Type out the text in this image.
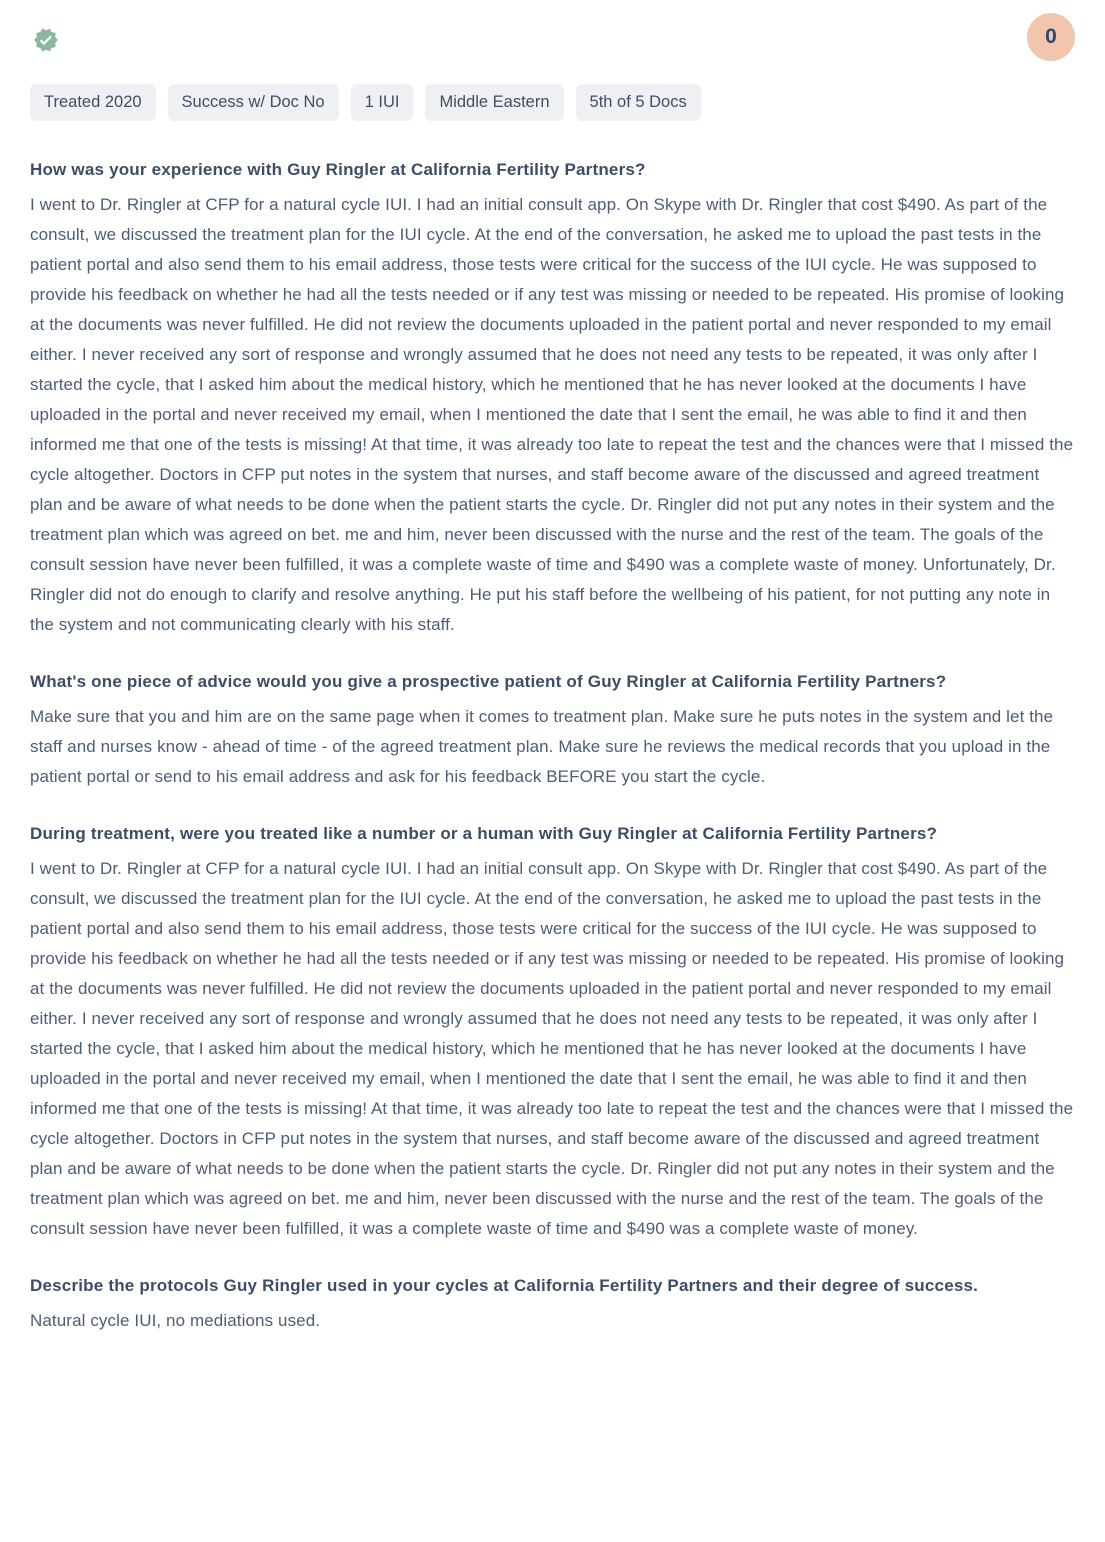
0
Treated 2020	Success w/ Doc No	1 IUI	Middle Eastern	5th of 5 Docs
How was your experience with Guy Ringler at California Fertility Partners?

I went to Dr. Ringler at CFP for a natural cycle IUI. I had an initial consult app. On Skype with Dr. Ringler that cost $490. As part of the consult, we discussed the treatment plan for the IUI cycle. At the end of the conversation, he asked me to upload the past tests in the patient portal and also send them to his email address, those tests were critical for the success of the IUI cycle. He was supposed to provide his feedback on whether he had all the tests needed or if any test was missing or needed to be repeated. His promise of looking at the documents was never fulfilled. He did not review the documents uploaded in the patient portal and never responded to my email either. I never received any sort of response and wrongly assumed that he does not need any tests to be repeated, it was only after I started the cycle, that I asked him about the medical history, which he mentioned that he has never looked at the documents I have uploaded in the portal and never received my email, when I mentioned the date that I sent the email, he was able to find it and then informed me that one of the tests is missing! At that time, it was already too late to repeat the test and the chances were that I missed the cycle altogether. Doctors in CFP put notes in the system that nurses, and staff become aware of the discussed and agreed treatment plan and be aware of what needs to be done when the patient starts the cycle. Dr. Ringler did not put any notes in their system and the treatment plan which was agreed on bet. me and him, never been discussed with the nurse and the rest of the team. The goals of the consult session have never been fulfilled, it was a complete waste of time and $490 was a complete waste of money. Unfortunately, Dr. Ringler did not do enough to clarify and resolve anything. He put his staff before the wellbeing of his patient, for not putting any note in the system and not communicating clearly with his staff.

What's one piece of advice would you give a prospective patient of Guy Ringler at California Fertility Partners?

Make sure that you and him are on the same page when it comes to treatment plan. Make sure he puts notes in the system and let the staff and nurses know - ahead of time - of the agreed treatment plan. Make sure he reviews the medical records that you upload in the patient portal or send to his email address and ask for his feedback BEFORE you start the cycle.

During treatment, were you treated like a number or a human with Guy Ringler at California Fertility Partners?

I went to Dr. Ringler at CFP for a natural cycle IUI. I had an initial consult app. On Skype with Dr. Ringler that cost $490. As part of the consult, we discussed the treatment plan for the IUI cycle. At the end of the conversation, he asked me to upload the past tests in the patient portal and also send them to his email address, those tests were critical for the success of the IUI cycle. He was supposed to provide his feedback on whether he had all the tests needed or if any test was missing or needed to be repeated. His promise of looking at the documents was never fulfilled. He did not review the documents uploaded in the patient portal and never responded to my email either. I never received any sort of response and wrongly assumed that he does not need any tests to be repeated, it was only after I started the cycle, that I asked him about the medical history, which he mentioned that he has never looked at the documents I have uploaded in the portal and never received my email, when I mentioned the date that I sent the email, he was able to find it and then informed me that one of the tests is missing! At that time, it was already too late to repeat the test and the chances were that I missed the cycle altogether. Doctors in CFP put notes in the system that nurses, and staff become aware of the discussed and agreed treatment plan and be aware of what needs to be done when the patient starts the cycle. Dr. Ringler did not put any notes in their system and the treatment plan which was agreed on bet. me and him, never been discussed with the nurse and the rest of the team. The goals of the consult session have never been fulfilled, it was a complete waste of time and $490 was a complete waste of money.

Describe the protocols Guy Ringler used in your cycles at California Fertility Partners and their degree of success.

Natural cycle IUI, no mediations used.
